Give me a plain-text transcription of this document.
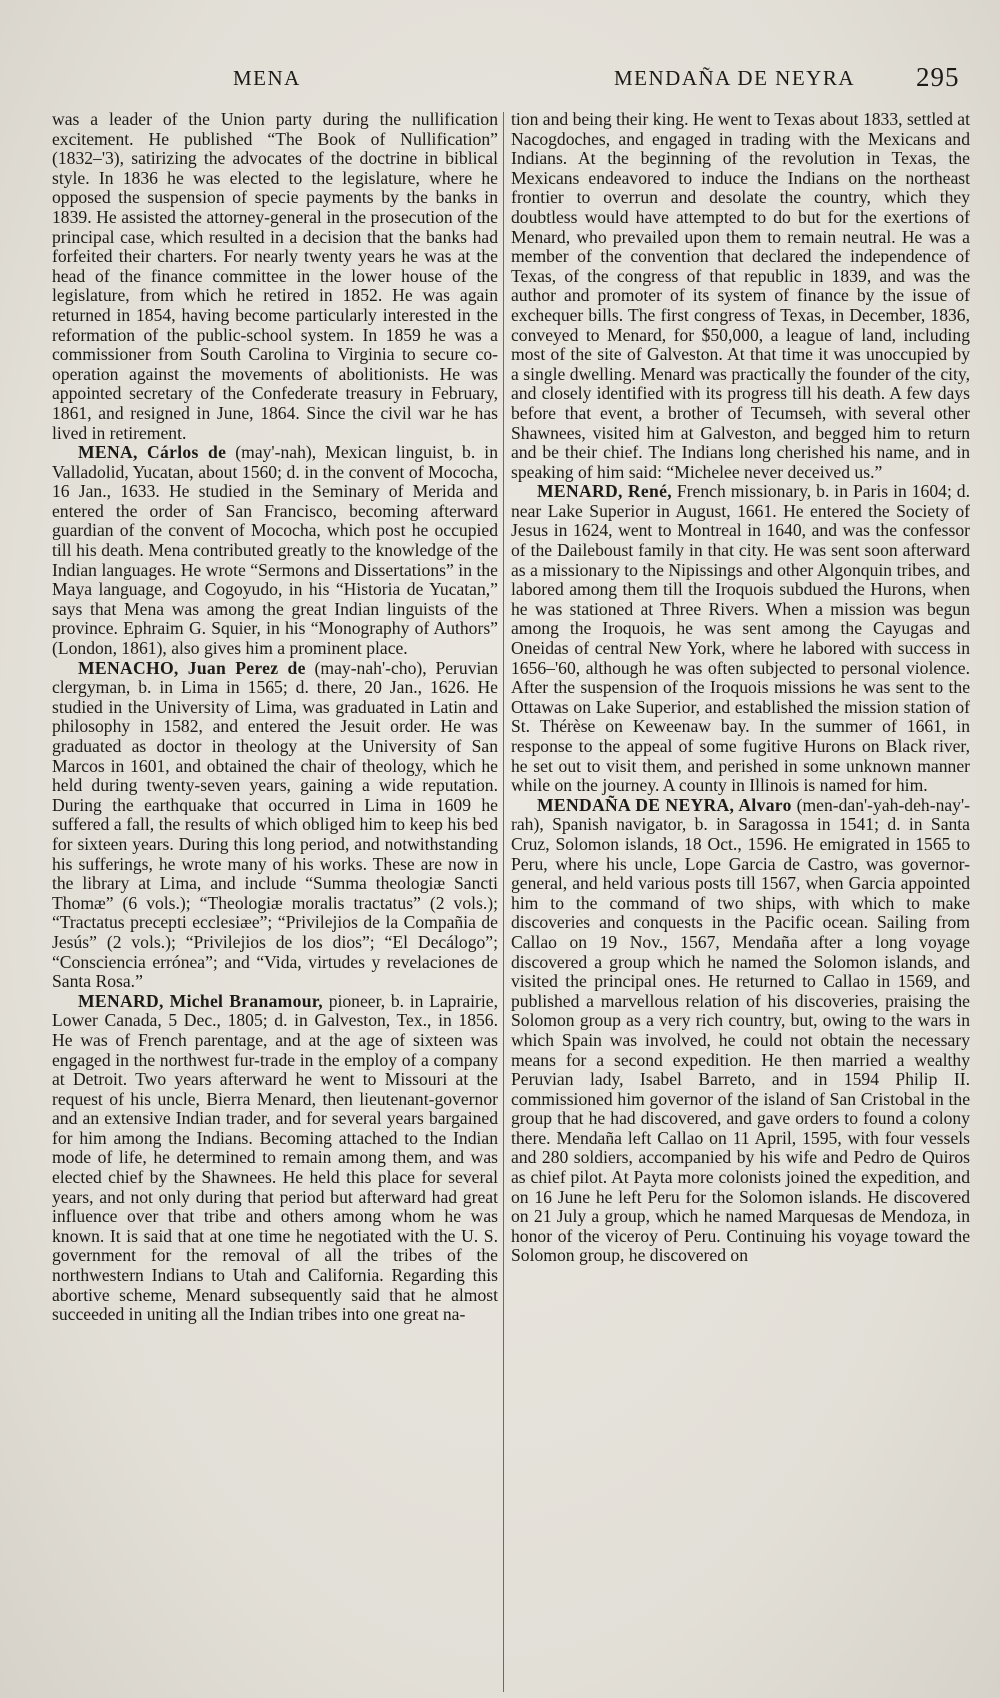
MENA	MENDAÑA DE NEYRA 295

was a leader of the Union party during the nullification excitement. He published “The Book of Nullification” (1832–'3), satirizing the advocates of the doctrine in biblical style. In 1836 he was elected to the legislature, where he opposed the suspension of specie payments by the banks in 1839. He assisted the attorney-general in the prosecution of the principal case, which resulted in a decision that the banks had forfeited their charters. For nearly twenty years he was at the head of the finance committee in the lower house of the legislature, from which he retired in 1852. He was again returned in 1854, having become particularly interested in the reformation of the public-school system. In 1859 he was a commissioner from South Carolina to Virginia to secure co-operation against the movements of abolitionists. He was appointed secretary of the Confederate treasury in February, 1861, and resigned in June, 1864. Since the civil war he has lived in retirement.

MENA, Cárlos de (may'-nah), Mexican linguist, b. in Valladolid, Yucatan, about 1560; d. in the convent of Mococha, 16 Jan., 1633. He studied in the Seminary of Merida and entered the order of San Francisco, becoming afterward guardian of the convent of Mococha, which post he occupied till his death. Mena contributed greatly to the knowledge of the Indian languages. He wrote “Sermons and Dissertations” in the Maya language, and Cogoyudo, in his “Historia de Yucatan,” says that Mena was among the great Indian linguists of the province. Ephraim G. Squier, in his “Monography of Authors” (London, 1861), also gives him a prominent place.

MENACHO, Juan Perez de (may-nah'-cho), Peruvian clergyman, b. in Lima in 1565; d. there, 20 Jan., 1626. He studied in the University of Lima, was graduated in Latin and philosophy in 1582, and entered the Jesuit order. He was graduated as doctor in theology at the University of San Marcos in 1601, and obtained the chair of theology, which he held during twenty-seven years, gaining a wide reputation. During the earthquake that occurred in Lima in 1609 he suffered a fall, the results of which obliged him to keep his bed for sixteen years. During this long period, and notwithstanding his sufferings, he wrote many of his works. These are now in the library at Lima, and include “Summa theologiæ Sancti Thomæ” (6 vols.); “Theologiæ moralis tractatus” (2 vols.); “Tractatus precepti ecclesiæe”; “Privilejios de la Compañia de Jesús” (2 vols.); “Privilejios de los dios”; “El Decálogo”; “Consciencia errónea”; and “Vida, virtudes y revelaciones de Santa Rosa.”

MENARD, Michel Branamour, pioneer, b. in Laprairie, Lower Canada, 5 Dec., 1805; d. in Galveston, Tex., in 1856. He was of French parentage, and at the age of sixteen was engaged in the northwest fur-trade in the employ of a company at Detroit. Two years afterward he went to Missouri at the request of his uncle, Bierra Menard, then lieutenant-governor and an extensive Indian trader, and for several years bargained for him among the Indians. Becoming attached to the Indian mode of life, he determined to remain among them, and was elected chief by the Shawnees. He held this place for several years, and not only during that period but afterward had great influence over that tribe and others among whom he was known. It is said that at one time he negotiated with the U. S. government for the removal of all the tribes of the northwestern Indians to Utah and California. Regarding this abortive scheme, Menard subsequently said that he almost succeeded in uniting all the Indian tribes into one great na-

tion and being their king. He went to Texas about 1833, settled at Nacogdoches, and engaged in trading with the Mexicans and Indians. At the beginning of the revolution in Texas, the Mexicans endeavored to induce the Indians on the northeast frontier to overrun and desolate the country, which they doubtless would have attempted to do but for the exertions of Menard, who prevailed upon them to remain neutral. He was a member of the convention that declared the independence of Texas, of the congress of that republic in 1839, and was the author and promoter of its system of finance by the issue of exchequer bills. The first congress of Texas, in December, 1836, conveyed to Menard, for $50,000, a league of land, including most of the site of Galveston. At that time it was unoccupied by a single dwelling. Menard was practically the founder of the city, and closely identified with its progress till his death. A few days before that event, a brother of Tecumseh, with several other Shawnees, visited him at Galveston, and begged him to return and be their chief. The Indians long cherished his name, and in speaking of him said: “Michelee never deceived us.”

MENARD, René, French missionary, b. in Paris in 1604; d. near Lake Superior in August, 1661. He entered the Society of Jesus in 1624, went to Montreal in 1640, and was the confessor of the Daileboust family in that city. He was sent soon afterward as a missionary to the Nipissings and other Algonquin tribes, and labored among them till the Iroquois subdued the Hurons, when he was stationed at Three Rivers. When a mission was begun among the Iroquois, he was sent among the Cayugas and Oneidas of central New York, where he labored with success in 1656–'60, although he was often subjected to personal violence. After the suspension of the Iroquois missions he was sent to the Ottawas on Lake Superior, and established the mission station of St. Thérèse on Keweenaw bay. In the summer of 1661, in response to the appeal of some fugitive Hurons on Black river, he set out to visit them, and perished in some unknown manner while on the journey. A county in Illinois is named for him.

MENDAÑA DE NEYRA, Alvaro (men-dan'-yah-deh-nay'-rah), Spanish navigator, b. in Saragossa in 1541; d. in Santa Cruz, Solomon islands, 18 Oct., 1596. He emigrated in 1565 to Peru, where his uncle, Lope Garcia de Castro, was governor-general, and held various posts till 1567, when Garcia appointed him to the command of two ships, with which to make discoveries and conquests in the Pacific ocean. Sailing from Callao on 19 Nov., 1567, Mendaña after a long voyage discovered a group which he named the Solomon islands, and visited the principal ones. He returned to Callao in 1569, and published a marvellous relation of his discoveries, praising the Solomon group as a very rich country, but, owing to the wars in which Spain was involved, he could not obtain the necessary means for a second expedition. He then married a wealthy Peruvian lady, Isabel Barreto, and in 1594 Philip II. commissioned him governor of the island of San Cristobal in the group that he had discovered, and gave orders to found a colony there. Mendaña left Callao on 11 April, 1595, with four vessels and 280 soldiers, accompanied by his wife and Pedro de Quiros as chief pilot. At Payta more colonists joined the expedition, and on 16 June he left Peru for the Solomon islands. He discovered on 21 July a group, which he named Marquesas de Mendoza, in honor of the viceroy of Peru. Continuing his voyage toward the Solomon group, he discovered on
